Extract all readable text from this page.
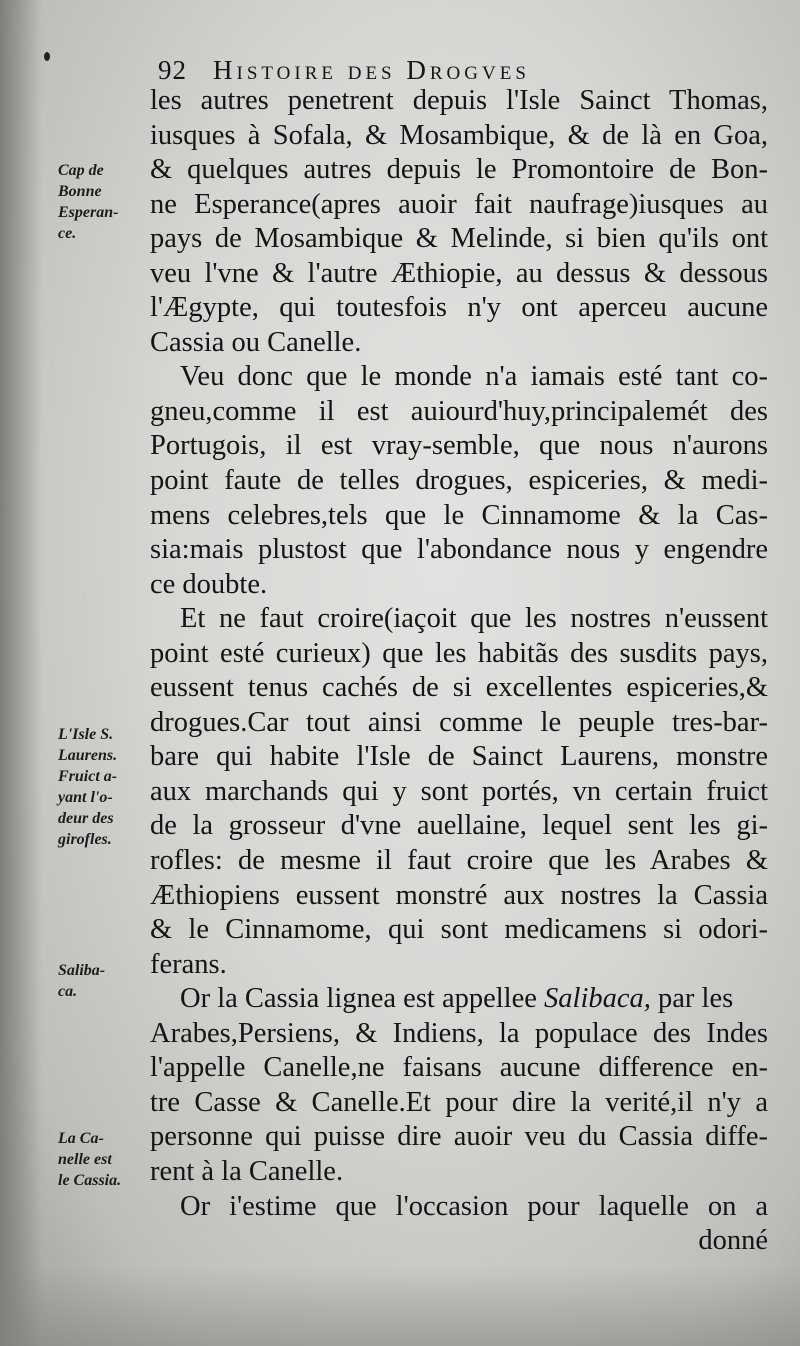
92 Histoire des Drogves
Cap de
Bonne
Esperan-
ce.
L'Isle S.
Laurens.
Fruict a-
yant l'o-
deur des
girofles.
Saliba-
ca.
La Ca-
nelle est
le Cassia.
les autres penetrent depuis l'Isle Sainct Thomas,
iusques à Sofala, & Mosambique, & de là en Goa,
& quelques autres depuis le Promontoire de Bon-
ne Esperance(apres auoir fait naufrage)iusques au
pays de Mosambique & Melinde, si bien qu'ils ont
veu l'vne & l'autre Æthiopie, au dessus & dessous
l'Ægypte, qui toutesfois n'y ont aperceu aucune
Cassia ou Canelle.
Veu donc que le monde n'a iamais esté tant co-
gneu,comme il est auiourd'huy,principalemét des
Portugois, il est vray-semble, que nous n'aurons
point faute de telles drogues, espiceries, & medi-
mens celebres,tels que le Cinnamome & la Cas-
sia:mais plustost que l'abondance nous y engendre
ce doubte.
Et ne faut croire(iaçoit que les nostres n'eussent
point esté curieux) que les habitãs des susdits pays,
eussent tenus cachés de si excellentes espiceries,&
drogues.Car tout ainsi comme le peuple tres-bar-
bare qui habite l'Isle de Sainct Laurens, monstre
aux marchands qui y sont portés, vn certain fruict
de la grosseur d'vne auellaine, lequel sent les gi-
rofles: de mesme il faut croire que les Arabes &
Æthiopiens eussent monstré aux nostres la Cassia
& le Cinnamome, qui sont medicamens si odori-
ferans.
Or la Cassia lignea est appellee Salibaca, par les
Arabes,Persiens, & Indiens, la populace des Indes
l'appelle Canelle,ne faisans aucune difference en-
tre Casse & Canelle.Et pour dire la verité,il n'y a
personne qui puisse dire auoir veu du Cassia diffe-
rent à la Canelle.
Or i'estime que l'occasion pour laquelle on a
donné
